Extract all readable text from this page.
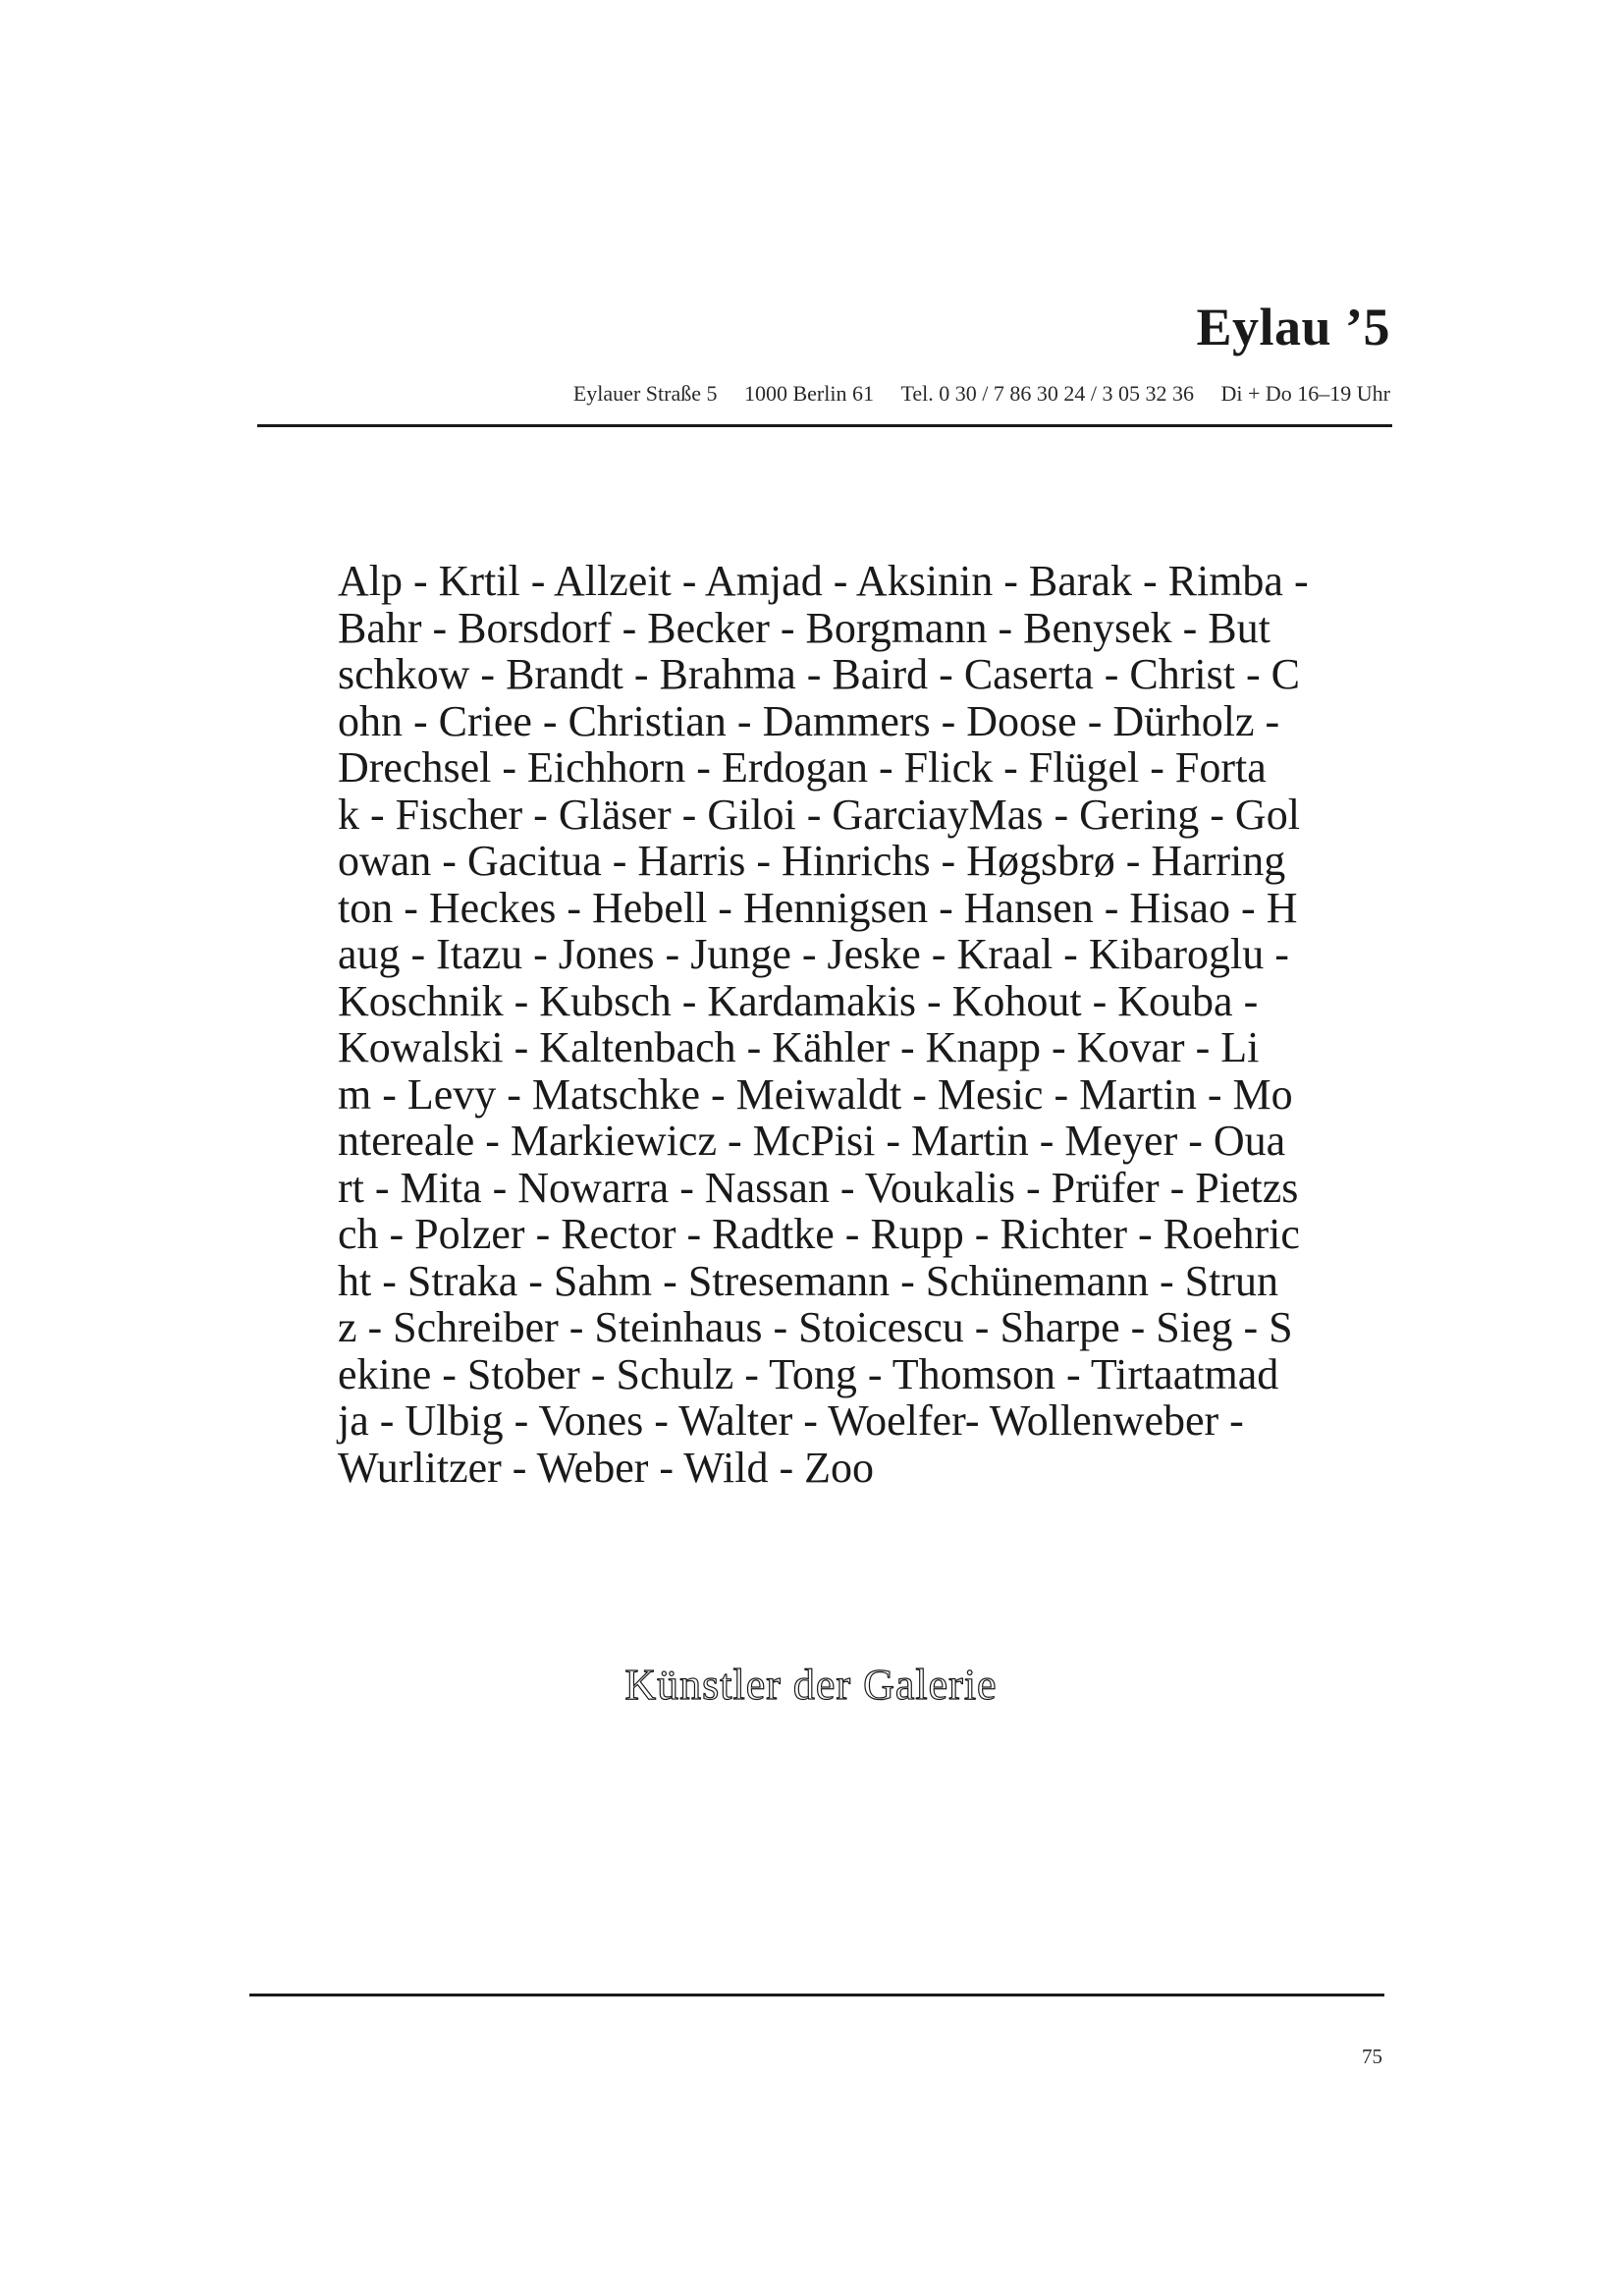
Eylau ’5
Eylauer Straße 5 1000 Berlin 61 Tel. 0 30 / 7 86 30 24 / 3 05 32 36 Di + Do 16–19 Uhr
Alp - Krtil - Allzeit - Amjad - Aksinin - Barak - Rimba -
Bahr - Borsdorf - Becker - Borgmann - Benysek - But
schkow - Brandt - Brahma - Baird - Caserta - Christ - C
ohn - Criee - Christian - Dammers - Doose - Dürholz -
Drechsel - Eichhorn - Erdogan - Flick - Flügel - Forta
k - Fischer - Gläser - Giloi - GarciayMas - Gering - Gol
owan - Gacitua - Harris - Hinrichs - Høgsbrø - Harring
ton - Heckes - Hebell - Hennigsen - Hansen - Hisao - H
aug - Itazu - Jones - Junge - Jeske - Kraal - Kibaroglu -
Koschnik - Kubsch - Kardamakis - Kohout - Kouba -
Kowalski - Kaltenbach - Kähler - Knapp - Kovar - Li
m - Levy - Matschke - Meiwaldt - Mesic - Martin - Mo
ntereale - Markiewicz - McPisi - Martin - Meyer - Oua
rt - Mita - Nowarra - Nassan - Voukalis - Prüfer - Pietzs
ch - Polzer - Rector - Radtke - Rupp - Richter - Roehric
ht - Straka - Sahm - Stresemann - Schünemann - Strun
z - Schreiber - Steinhaus - Stoicescu - Sharpe - Sieg - S
ekine - Stober - Schulz - Tong - Thomson - Tirtaatmad
ja - Ulbig - Vones - Walter - Woelfer- Wollenweber -
Wurlitzer - Weber - Wild - Zoo
Künstler der Galerie
75
